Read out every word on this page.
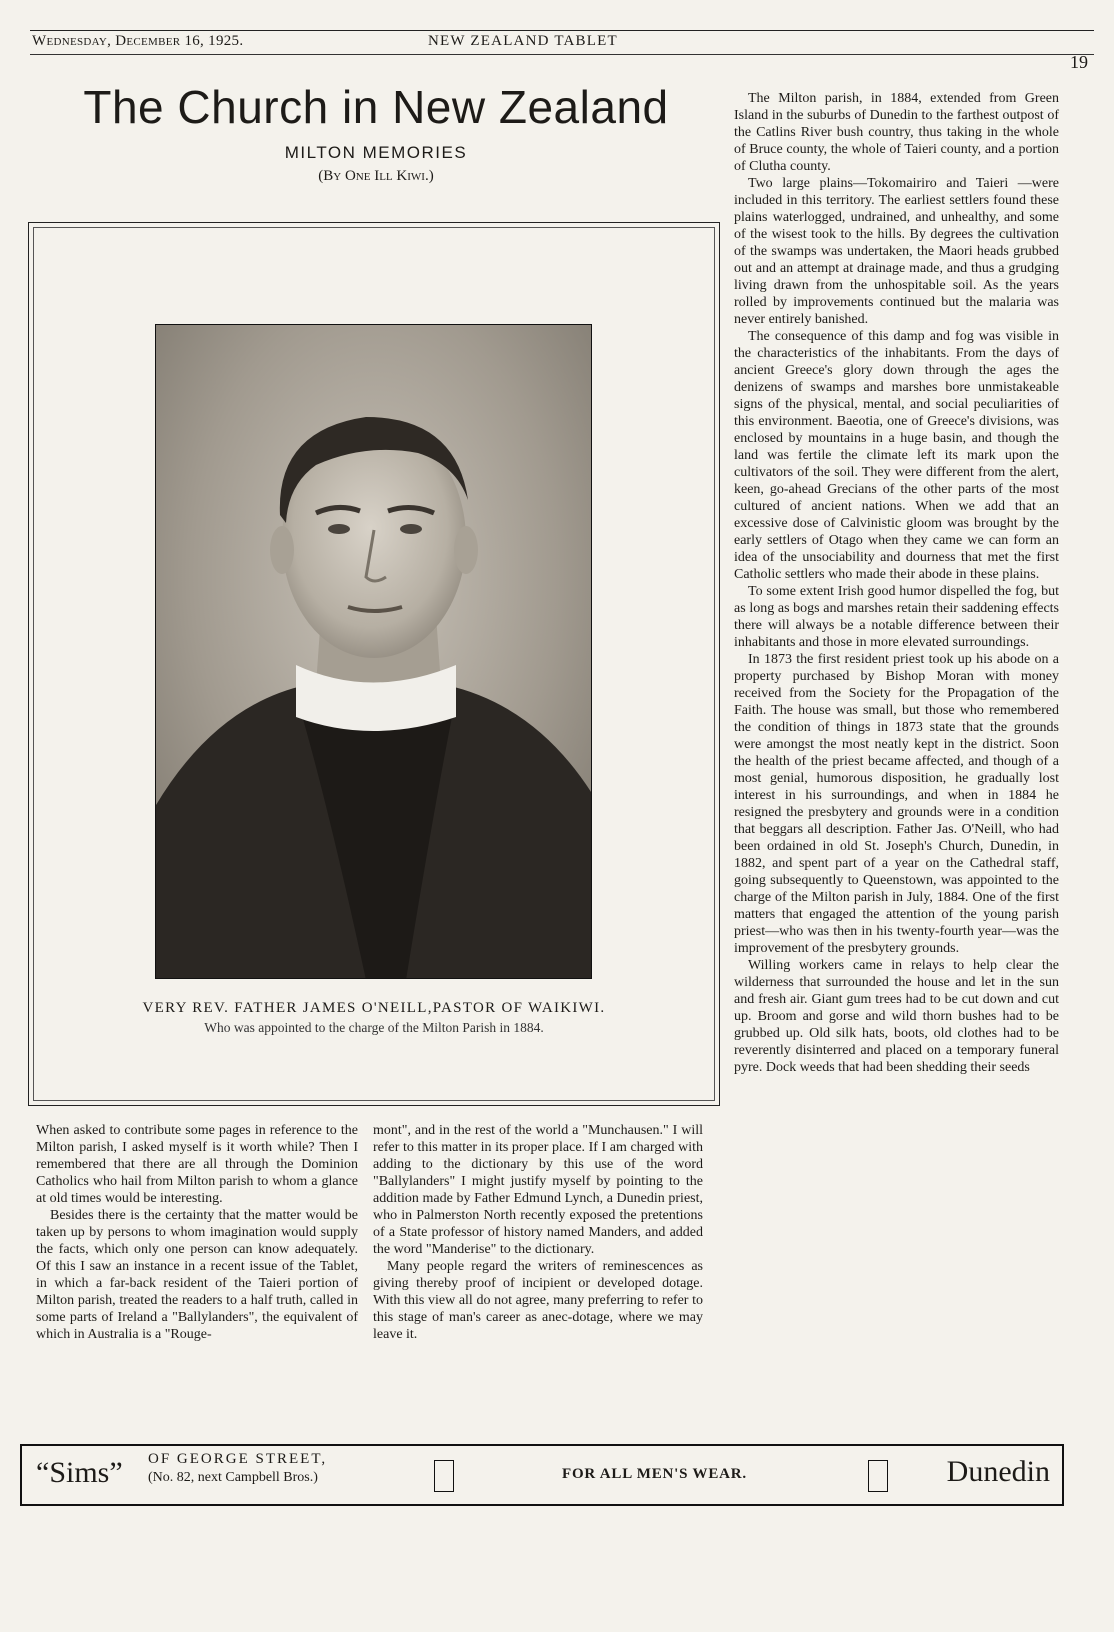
Wednesday, December 16, 1925.	NEW ZEALAND TABLET
19
The Church in New Zealand
MILTON MEMORIES
(By One Ill Kiwi.)
VERY REV. FATHER JAMES O'NEILL,PASTOR OF WAIKIWI.
Who was appointed to the charge of the Milton Parish in 1884.

When asked to contribute some pages in reference to the Milton parish, I asked myself is it worth while? Then I remembered that there are all through the Dominion Catholics who hail from Milton parish to whom a glance at old times would be interesting.

Besides there is the certainty that the matter would be taken up by persons to whom imagination would supply the facts, which only one person can know adequately. Of this I saw an instance in a recent issue of the Tablet, in which a far-back resident of the Taieri portion of Milton parish, treated the readers to a half truth, called in some parts of Ireland a "Ballylanders", the equivalent of which in Australia is a "Rouge-

mont", and in the rest of the world a "Munchausen." I will refer to this matter in its proper place. If I am charged with adding to the dictionary by this use of the word "Ballylanders" I might justify myself by pointing to the addition made by Father Edmund Lynch, a Dunedin priest, who in Palmerston North recently exposed the pretentions of a State professor of history named Manders, and added the word "Manderise" to the dictionary.

Many people regard the writers of reminescences as giving thereby proof of incipient or developed dotage. With this view all do not agree, many preferring to refer to this stage of man's career as anec-dotage, where we may leave it.

The Milton parish, in 1884, extended from Green Island in the suburbs of Dunedin to the farthest outpost of the Catlins River bush country, thus taking in the whole of Bruce county, the whole of Taieri county, and a portion of Clutha county.

Two large plains—Tokomairiro and Taieri —were included in this territory. The earliest settlers found these plains waterlogged, undrained, and unhealthy, and some of the wisest took to the hills. By degrees the cultivation of the swamps was undertaken, the Maori heads grubbed out and an attempt at drainage made, and thus a grudging living drawn from the unhospitable soil. As the years rolled by improvements continued but the malaria was never entirely banished.

The consequence of this damp and fog was visible in the characteristics of the inhabitants. From the days of ancient Greece's glory down through the ages the denizens of swamps and marshes bore unmistakeable signs of the physical, mental, and social peculiarities of this environment. Baeotia, one of Greece's divisions, was enclosed by mountains in a huge basin, and though the land was fertile the climate left its mark upon the cultivators of the soil. They were different from the alert, keen, go-ahead Grecians of the other parts of the most cultured of ancient nations. When we add that an excessive dose of Calvinistic gloom was brought by the early settlers of Otago when they came we can form an idea of the unsociability and dourness that met the first Catholic settlers who made their abode in these plains.

To some extent Irish good humor dispelled the fog, but as long as bogs and marshes retain their saddening effects there will always be a notable difference between their inhabitants and those in more elevated surroundings.

In 1873 the first resident priest took up his abode on a property purchased by Bishop Moran with money received from the Society for the Propagation of the Faith. The house was small, but those who remembered the condition of things in 1873 state that the grounds were amongst the most neatly kept in the district. Soon the health of the priest became affected, and though of a most genial, humorous disposition, he gradually lost interest in his surroundings, and when in 1884 he resigned the presbytery and grounds were in a condition that beggars all description. Father Jas. O'Neill, who had been ordained in old St. Joseph's Church, Dunedin, in 1882, and spent part of a year on the Cathedral staff, going subsequently to Queenstown, was appointed to the charge of the Milton parish in July, 1884. One of the first matters that engaged the attention of the young parish priest—who was then in his twenty-fourth year—was the improvement of the presbytery grounds.

Willing workers came in relays to help clear the wilderness that surrounded the house and let in the sun and fresh air. Giant gum trees had to be cut down and cut up. Broom and gorse and wild thorn bushes had to be grubbed up. Old silk hats, boots, old clothes had to be reverently disinterred and placed on a temporary funeral pyre. Dock weeds that had been shedding their seeds

“Sims” OF GEORGE STREET,
(No. 82, next Campbell Bros.)	FOR ALL MEN'S WEAR.	Dunedin
